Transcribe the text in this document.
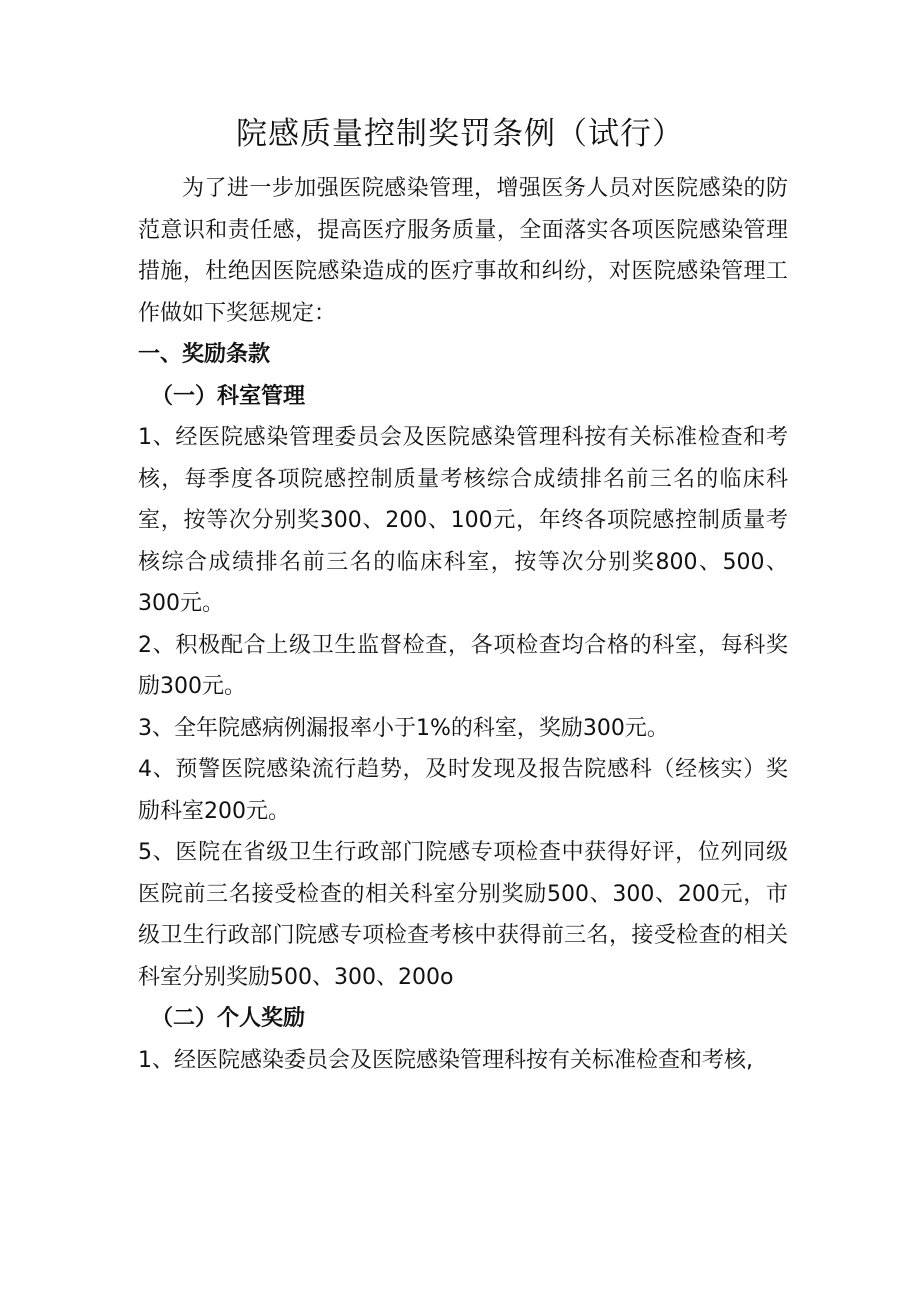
院感质量控制奖罚条例（试行）

为了进一步加强医院感染管理，增强医务人员对医院感染的防范意识和责任感，提高医疗服务质量，全面落实各项医院感染管理措施，杜绝因医院感染造成的医疗事故和纠纷，对医院感染管理工作做如下奖惩规定：

一、奖励条款

（一）科室管理

1、经医院感染管理委员会及医院感染管理科按有关标准检查和考核，每季度各项院感控制质量考核综合成绩排名前三名的临床科室，按等次分别奖300、200、100元，年终各项院感控制质量考核综合成绩排名前三名的临床科室，按等次分别奖800、500、300元。

2、积极配合上级卫生监督检查，各项检查均合格的科室，每科奖励300元。

3、全年院感病例漏报率小于1%的科室，奖励300元。

4、预警医院感染流行趋势，及时发现及报告院感科（经核实）奖励科室200元。

5、医院在省级卫生行政部门院感专项检查中获得好评，位列同级医院前三名接受检查的相关科室分别奖励500、300、200元，市级卫生行政部门院感专项检查考核中获得前三名，接受检查的相关科室分别奖励500、300、200o

（二）个人奖励

1、经医院感染委员会及医院感染管理科按有关标准检查和考核,
